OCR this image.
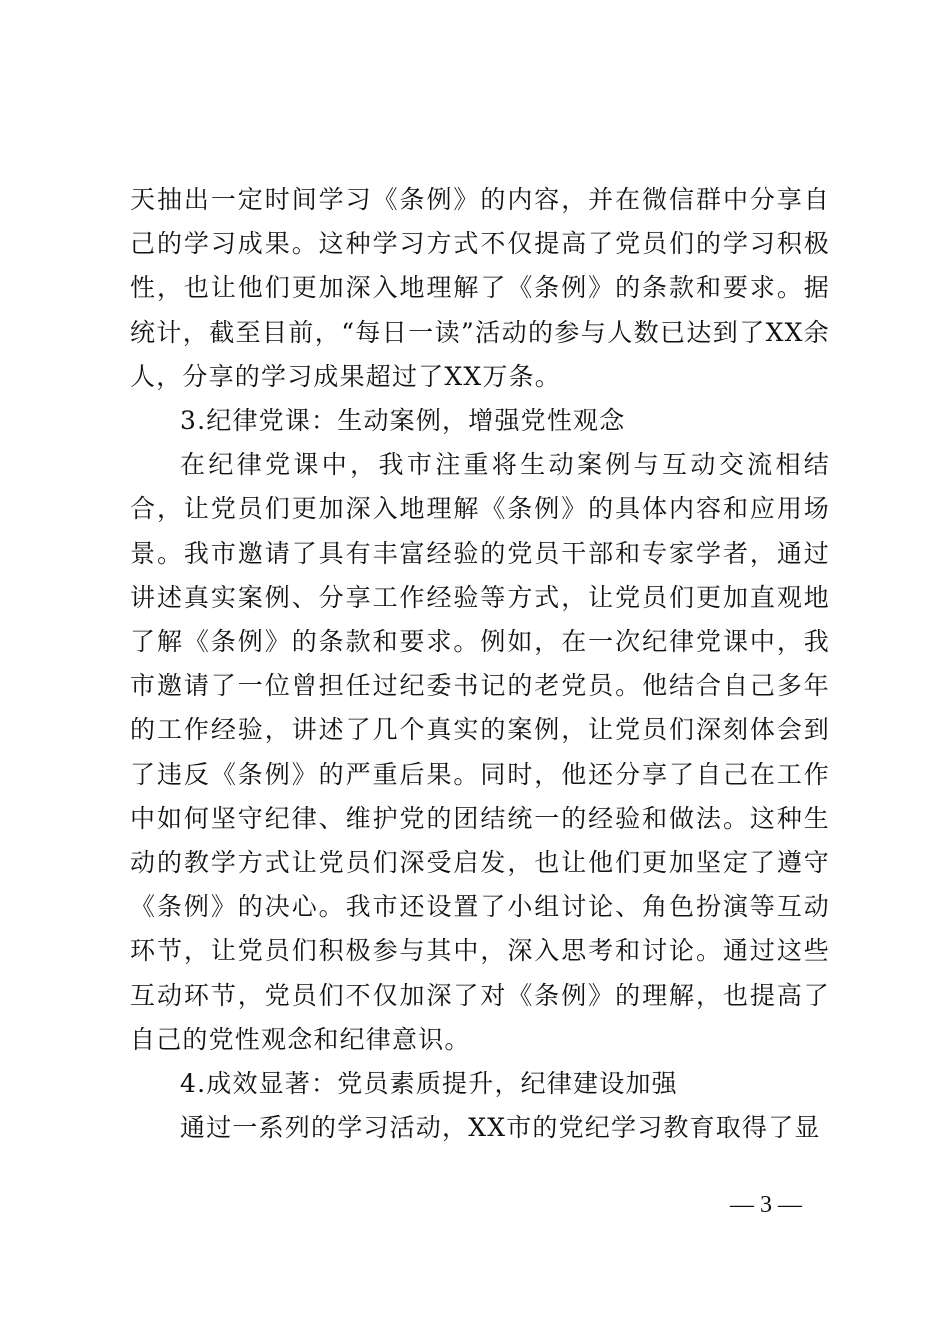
天抽出一定时间学习《条例》的内容，并在微信群中分享自己的学习成果。这种学习方式不仅提高了党员们的学习积极性，也让他们更加深入地理解了《条例》的条款和要求。据统计，截至目前，“每日一读”活动的参与人数已达到了XX余人，分享的学习成果超过了XX万条。

3.纪律党课：生动案例，增强党性观念

在纪律党课中，我市注重将生动案例与互动交流相结合，让党员们更加深入地理解《条例》的具体内容和应用场景。我市邀请了具有丰富经验的党员干部和专家学者，通过讲述真实案例、分享工作经验等方式，让党员们更加直观地了解《条例》的条款和要求。例如，在一次纪律党课中，我市邀请了一位曾担任过纪委书记的老党员。他结合自己多年的工作经验，讲述了几个真实的案例，让党员们深刻体会到了违反《条例》的严重后果。同时，他还分享了自己在工作中如何坚守纪律、维护党的团结统一的经验和做法。这种生动的教学方式让党员们深受启发，也让他们更加坚定了遵守《条例》的决心。我市还设置了小组讨论、角色扮演等互动环节，让党员们积极参与其中，深入思考和讨论。通过这些互动环节，党员们不仅加深了对《条例》的理解，也提高了自己的党性观念和纪律意识。

4.成效显著：党员素质提升，纪律建设加强

通过一系列的学习活动，XX市的党纪学习教育取得了显

— 3 —
